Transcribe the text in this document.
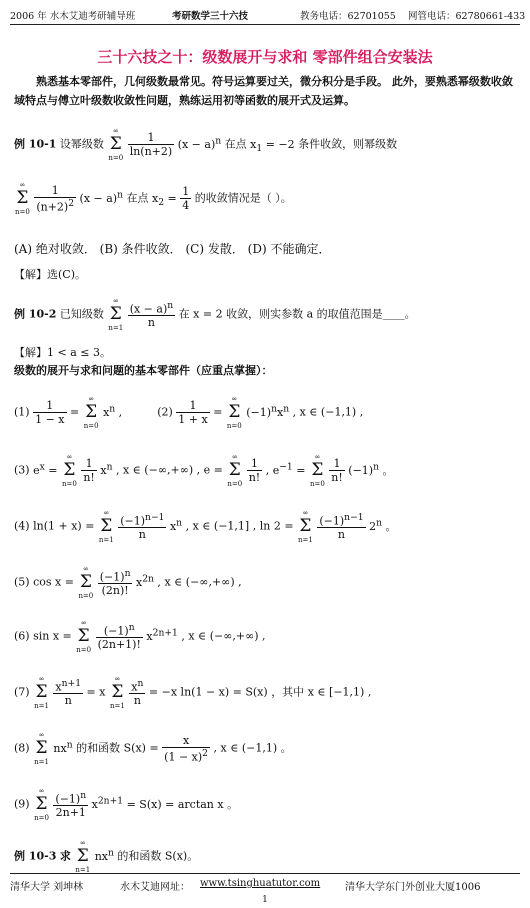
2006 年 水木艾迪考研辅导班	考研数学三十六技	教务电话：62701055 网管电话：62780661-433
三十六技之十：级数展开与求和 零部件组合安装法
熟悉基本零部件，几何级数最常见。符号运算要过关，微分积分是手段。 此外，要熟悉幂级数收敛域特点与傅立叶级数收敛性问题，熟练运用初等函数的展开式及运算。
例 10-1 设幂级数 ∞
Σ
$n=0 \frac{1}{\ln(n+2)} (x - a)^n$ 在点 $x_1 = -2$ 条件收敛，则幂级数
∞
Σ
$n=0 \frac{1}{(n+2)^2} (x - a)^n$ 在点 $x_2 = \frac{1}{4}$ 的收敛情况是（ ）。
(A) 绝对收敛． (B) 条件收敛． (C) 发散． (D) 不能确定．
【解】选(C)。
例 10-2 已知级数 ∞
Σ
$n=1 \frac{(x - a)^n}{n}$ 在 x = 2 收敛，则实参数 a 的取值范围是____。
【解】1 < a ≤ 3。
级数的展开与求和问题的基本零部件（应重点掌握）：
$(1) \frac{1}{1 - x}$ = ∞
Σ
n=0 $x^n$ ,	$(2) \frac{1}{1 + x}$ = ∞
Σ
n=0 $(-1)^nx^n$ , x ∈ (−1,1) ,
(3) $e^x$ = ∞
Σ
$n=0 \frac{1}{n!} x^n$ , x ∈ (−∞,+∞) , e = ∞
Σ
$n=0 \frac{1}{n!}$ , $e^{-1}$ = ∞
Σ
$n=0 \frac{1}{n!} (-1)^n$ 。
(4) ln(1 + x) = ∞
Σ
$n=1 \frac{(-1)^{n-1}}{n} x^n$ , x ∈ (−1,1] , ln 2 = ∞
Σ
$n=1 \frac{(-1)^{n-1}}{n} 2^n$ 。
(5) cos x = ∞
Σ
$n=0 \frac{(-1)^n}{(2n)!} x^{2n}$ , x ∈ (−∞,+∞) ,
(6) sin x = ∞
Σ
$n=0 \frac{(-1)^n}{(2n+1)!} x^{2n+1}$ , x ∈ (−∞,+∞) ,
(7) ∞
Σ
$n=1 \frac{x^{n+1}}{n} = x$ ∞
Σ
$n=1 \frac{x^n}{n} = -x$ ln(1 − x) = S(x) ，其中 x ∈ [−1,1) ,
(8) ∞
Σ
n=1 $nx^n$ 的和函数 $S(x) = \frac{x}{(1 - x)^2}$ , x ∈ (−1,1) 。
(9) ∞
Σ
$n=0 \frac{(-1)^n}{2n+1} x^{2n+1} = S(x) = \arctan x$ 。
例 10-3 求 ∞
Σ
n=1 $nx^n$ 的和函数 S(x)。
清华大学 刘坤林	水木艾迪网址： www.tsinghuatutor.com 清华大学东门外创业大厦1006
1
